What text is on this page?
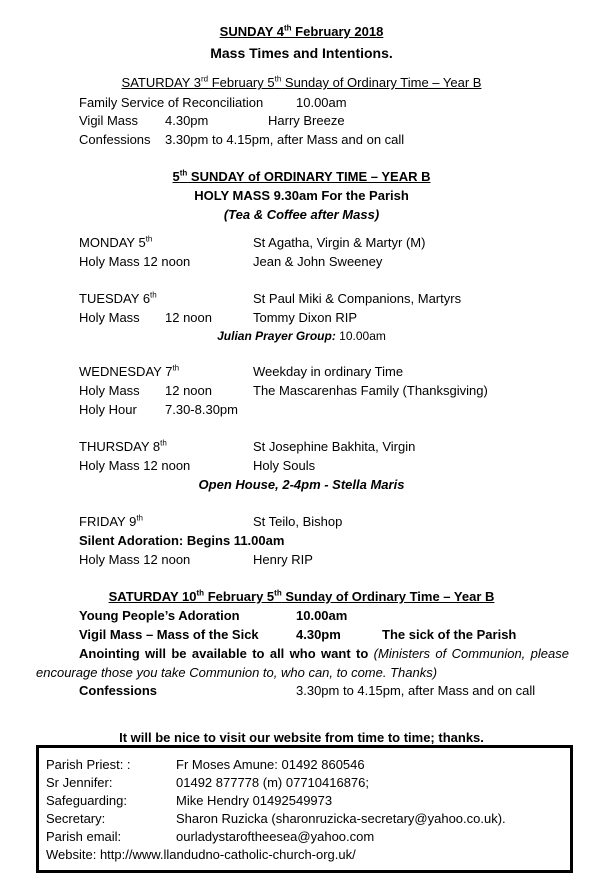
SUNDAY 4th February 2018
Mass Times and Intentions.
SATURDAY 3rd February 5th Sunday of Ordinary Time – Year B
Family Service of Reconciliation	10.00am
Vigil Mass 4.30pm	Harry Breeze
Confessions 3.30pm to 4.15pm, after Mass and on call
5th SUNDAY of ORDINARY TIME – YEAR B
HOLY MASS 9.30am For the Parish
(Tea & Coffee after Mass)
MONDAY 5th	St Agatha, Virgin & Martyr (M)
Holy Mass 12 noon	Jean & John Sweeney
TUESDAY 6th	St Paul Miki & Companions, Martyrs
Holy Mass 12 noon	Tommy Dixon RIP
Julian Prayer Group: 10.00am
WEDNESDAY 7th	Weekday in ordinary Time
Holy Mass 12 noon	The Mascarenhas Family (Thanksgiving)
Holy Hour 7.30-8.30pm
THURSDAY 8th	St Josephine Bakhita, Virgin
Holy Mass 12 noon	Holy Souls
Open House, 2-4pm - Stella Maris
FRIDAY 9th	St Teilo, Bishop
Silent Adoration: Begins 11.00am
Holy Mass 12 noon	Henry RIP
SATURDAY 10th February 5th Sunday of Ordinary Time – Year B
Young People’s Adoration	10.00am
Vigil Mass – Mass of the Sick	4.30pm	The sick of the Parish
Anointing will be available to all who want to (Ministers of Communion, please encourage those you take Communion to, who can, to come. Thanks)
Confessions	3.30pm to 4.15pm, after Mass and on call
It will be nice to visit our website from time to time; thanks.
Parish Priest: :	Fr Moses Amune: 01492 860546
Sr Jennifer:	01492 877778 (m) 07710416876;
Safeguarding:	Mike Hendry 01492549973
Secretary:	Sharon Ruzicka (sharonruzicka-secretary@yahoo.co.uk).
Parish email:	ourladystaroftheesea@yahoo.com
Website: http://www.llandudno-catholic-church-org.uk/
